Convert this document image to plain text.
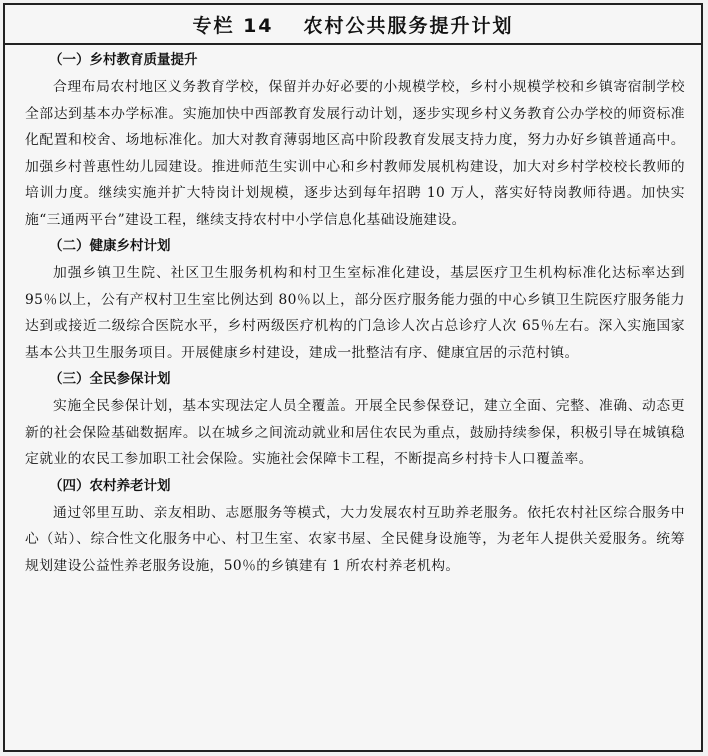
专栏 14 农村公共服务提升计划

（一）乡村教育质量提升

合理布局农村地区义务教育学校，保留并办好必要的小规模学校，乡村小规模学校和乡镇寄宿制学校全部达到基本办学标准。实施加快中西部教育发展行动计划，逐步实现乡村义务教育公办学校的师资标准化配置和校舍、场地标准化。加大对教育薄弱地区高中阶段教育发展支持力度，努力办好乡镇普通高中。加强乡村普惠性幼儿园建设。推进师范生实训中心和乡村教师发展机构建设，加大对乡村学校校长教师的培训力度。继续实施并扩大特岗计划规模，逐步达到每年招聘 10 万人，落实好特岗教师待遇。加快实施“三通两平台”建设工程，继续支持农村中小学信息化基础设施建设。

（二）健康乡村计划

加强乡镇卫生院、社区卫生服务机构和村卫生室标准化建设，基层医疗卫生机构标准化达标率达到 95％以上，公有产权村卫生室比例达到 80％以上，部分医疗服务能力强的中心乡镇卫生院医疗服务能力达到或接近二级综合医院水平，乡村两级医疗机构的门急诊人次占总诊疗人次 65％左右。深入实施国家基本公共卫生服务项目。开展健康乡村建设，建成一批整洁有序、健康宜居的示范村镇。

（三）全民参保计划

实施全民参保计划，基本实现法定人员全覆盖。开展全民参保登记，建立全面、完整、准确、动态更新的社会保险基础数据库。以在城乡之间流动就业和居住农民为重点，鼓励持续参保，积极引导在城镇稳定就业的农民工参加职工社会保险。实施社会保障卡工程，不断提高乡村持卡人口覆盖率。

（四）农村养老计划

通过邻里互助、亲友相助、志愿服务等模式，大力发展农村互助养老服务。依托农村社区综合服务中心（站）、综合性文化服务中心、村卫生室、农家书屋、全民健身设施等，为老年人提供关爱服务。统筹规划建设公益性养老服务设施，50％的乡镇建有 1 所农村养老机构。
